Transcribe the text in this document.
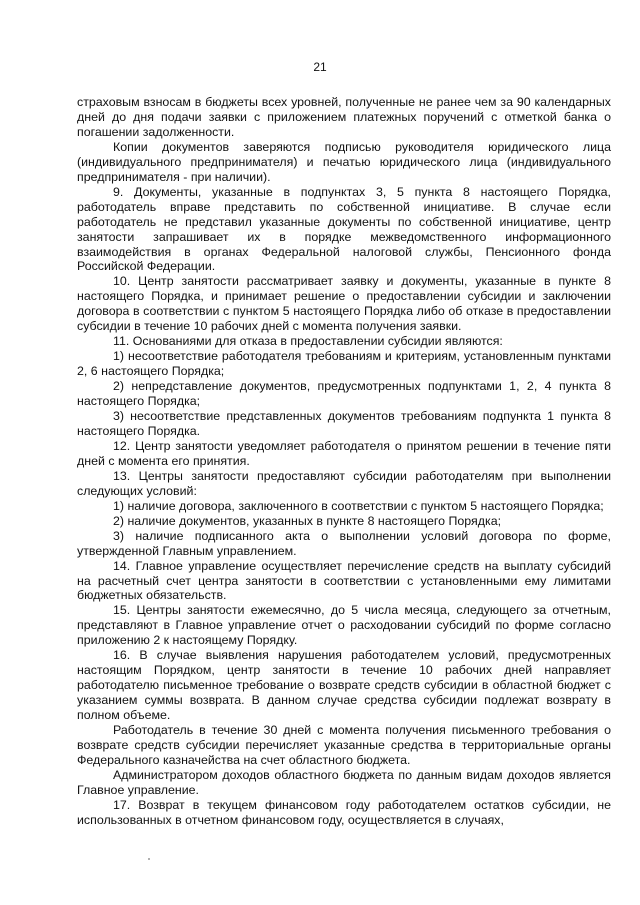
21

страховым взносам в бюджеты всех уровней, полученные не ранее чем за 90 календарных дней до дня подачи заявки с приложением платежных поручений с отметкой банка о погашении задолженности.

Копии документов заверяются подписью руководителя юридического лица (индивидуального предпринимателя) и печатью юридического лица (индивидуального предпринимателя - при наличии).

9. Документы, указанные в подпунктах 3, 5 пункта 8 настоящего Порядка, работодатель вправе представить по собственной инициативе. В случае если работодатель не представил указанные документы по собственной инициативе, центр занятости запрашивает их в порядке межведомственного информационного взаимодействия в органах Федеральной налоговой службы, Пенсионного фонда Российской Федерации.

10. Центр занятости рассматривает заявку и документы, указанные в пункте 8 настоящего Порядка, и принимает решение о предоставлении субсидии и заключении договора в соответствии с пунктом 5 настоящего Порядка либо об отказе в предоставлении субсидии в течение 10 рабочих дней с момента получения заявки.

11. Основаниями для отказа в предоставлении субсидии являются:

1) несоответствие работодателя требованиям и критериям, установленным пунктами 2, 6 настоящего Порядка;

2) непредставление документов, предусмотренных подпунктами 1, 2, 4 пункта 8 настоящего Порядка;

3) несоответствие представленных документов требованиям подпункта 1 пункта 8 настоящего Порядка.

12. Центр занятости уведомляет работодателя о принятом решении в течение пяти дней с момента его принятия.

13. Центры занятости предоставляют субсидии работодателям при выполнении следующих условий:

1) наличие договора, заключенного в соответствии с пунктом 5 настоящего Порядка;

2) наличие документов, указанных в пункте 8 настоящего Порядка;

3) наличие подписанного акта о выполнении условий договора по форме, утвержденной Главным управлением.

14. Главное управление осуществляет перечисление средств на выплату субсидий на расчетный счет центра занятости в соответствии с установленными ему лимитами бюджетных обязательств.

15. Центры занятости ежемесячно, до 5 числа месяца, следующего за отчетным, представляют в Главное управление отчет о расходовании субсидий по форме согласно приложению 2 к настоящему Порядку.

16. В случае выявления нарушения работодателем условий, предусмотренных настоящим Порядком, центр занятости в течение 10 рабочих дней направляет работодателю письменное требование о возврате средств субсидии в областной бюджет с указанием суммы возврата. В данном случае средства субсидии подлежат возврату в полном объеме.

Работодатель в течение 30 дней с момента получения письменного требования о возврате средств субсидии перечисляет указанные средства в территориальные органы Федерального казначейства на счет областного бюджета.

Администратором доходов областного бюджета по данным видам доходов является Главное управление.

17. Возврат в текущем финансовом году работодателем остатков субсидии, не использованных в отчетном финансовом году, осуществляется в случаях,
